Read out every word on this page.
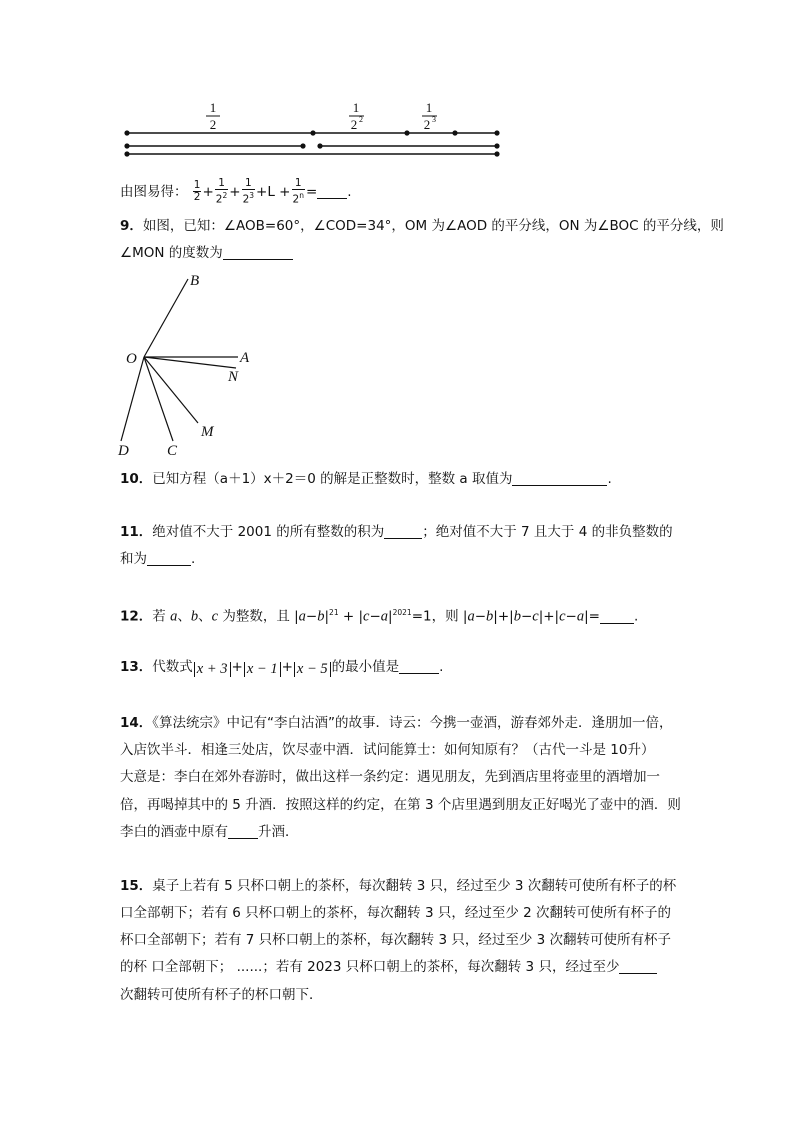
1
2
1
2 2
1
2 3
由图易得： $\frac{1}{2} + \frac{1}{2^2} + \frac{1}{2^3} +L + \frac{1}{2^n}$ = .
9．如图，已知：∠AOB=60°，∠COD=34°，OM 为∠AOD 的平分线，ON 为∠BOC 的平分线，则
∠MON 的度数为
B
O	A
N
M
D	C
10．已知方程（a＋1）x＋2＝0 的解是正整数时，整数 a 取值为	.
11．绝对值不大于 2001 的所有整数的积为	；绝对值不大于 7 且大于 4 的非负整数的
和为	.
12．若 a、b、c 为整数，且 $|a-b|^{21} + |c-a|^{2021}=1$，则 |a−b|+|b−c|+|c−a|=	.
13．代数式 x + 3 + x − 1 + x − 5 的最小值是	.
14．《算法统宗》中记有“李白沽酒”的故事．诗云：今携一壶酒，游春郊外走．逢朋加一倍，
入店饮半斗．相逢三处店，饮尽壶中酒．试问能算士：如何知原有？（古代一斗是 10升）
大意是：李白在郊外春游时，做出这样一条约定：遇见朋友，先到酒店里将壶里的酒增加一
倍，再喝掉其中的 5 升酒．按照这样的约定，在第 3 个店里遇到朋友正好喝光了壶中的酒．则
李白的酒壶中原有 升酒．
15．桌子上若有 5 只杯口朝上的茶杯，每次翻转 3 只，经过至少 3 次翻转可使所有杯子的杯
口全部朝下；若有 6 只杯口朝上的茶杯，每次翻转 3 只，经过至少 2 次翻转可使所有杯子的
杯口全部朝下；若有 7 只杯口朝上的茶杯，每次翻转 3 只，经过至少 3 次翻转可使所有杯子
的杯 口全部朝下； ......；若有 2023 只杯口朝上的茶杯，每次翻转 3 只，经过至少
次翻转可使所有杯子的杯口朝下．
